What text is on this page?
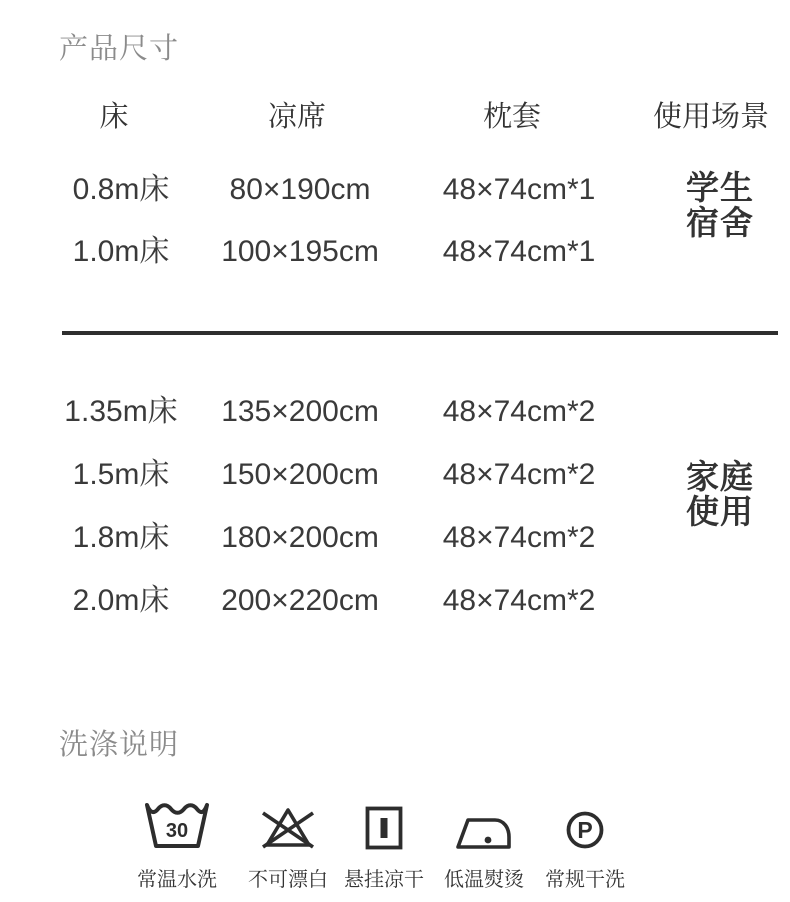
产品尺寸
床	凉席	枕套	使用场景
0.8m床 80×190cm 48×74cm*1
1.0m床 100×195cm 48×74cm*1
学生
宿舍
1.35m床 135×200cm 48×74cm*2
1.5m床 150×200cm 48×74cm*2
1.8m床 180×200cm 48×74cm*2
2.0m床 200×220cm 48×74cm*2
家庭
使用
洗涤说明
30
常温水洗	不可漂白 悬挂凉干	低温熨烫
P
常规干洗
